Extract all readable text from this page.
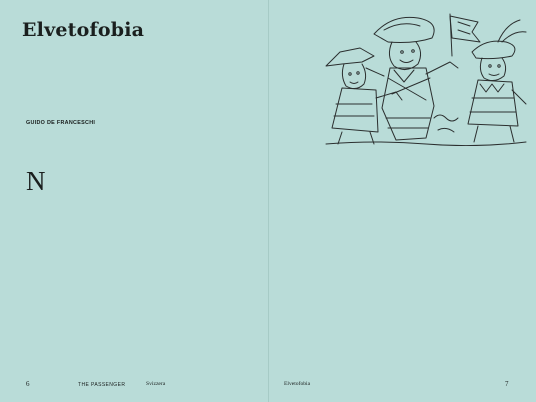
Elvetofobia
GUIDO DE FRANCESCHI
N

6	THE PASSENGER	Svizzera	Elvetofobia	7
